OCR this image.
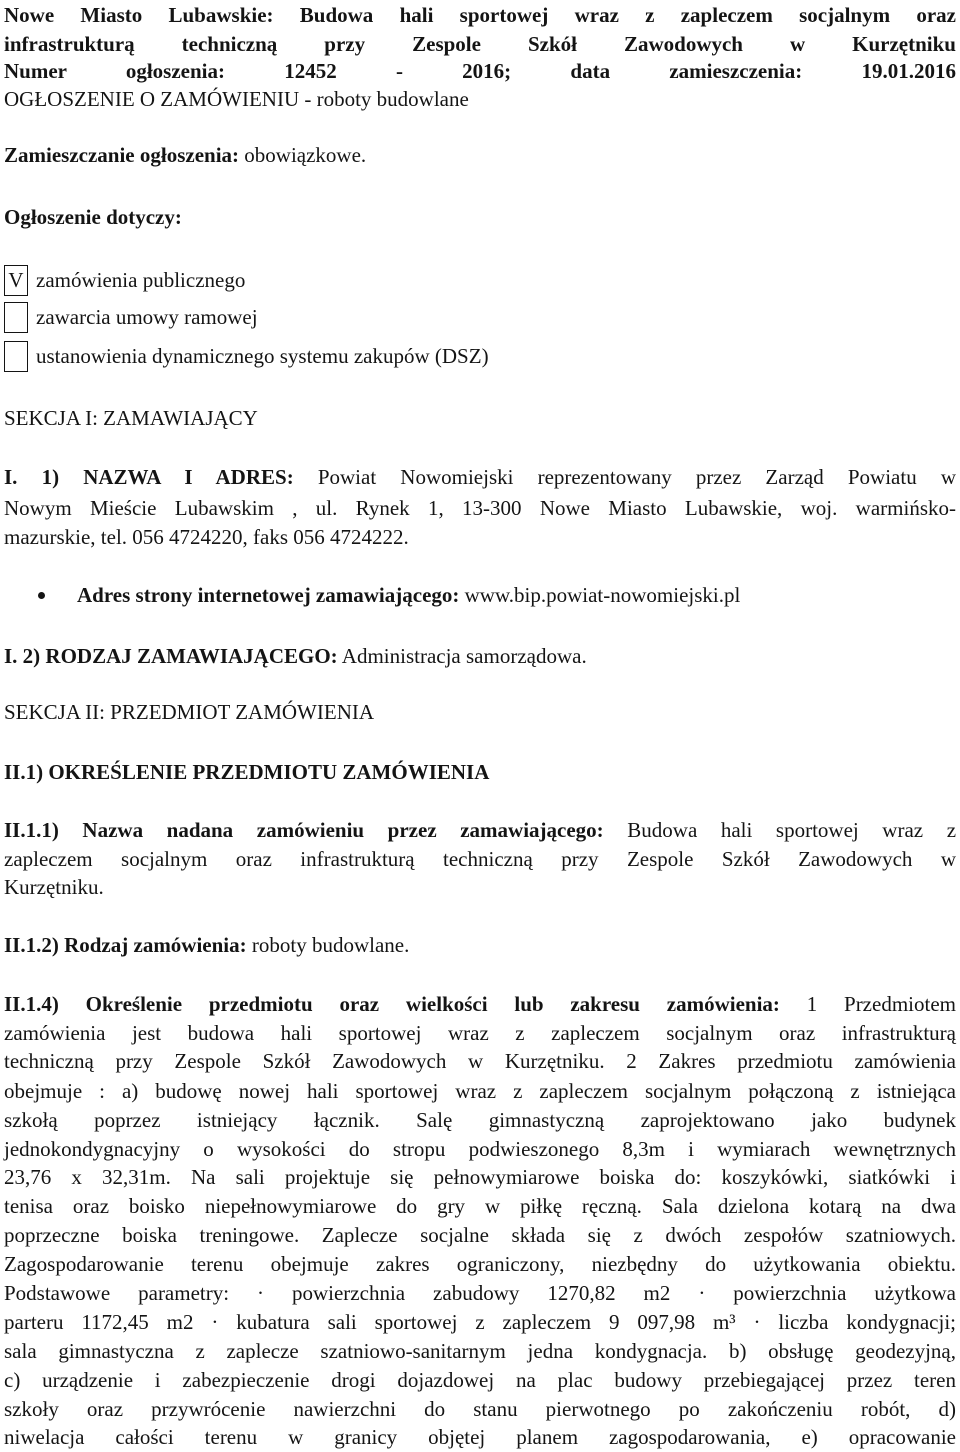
Nowe Miasto Lubawskie: Budowa hali sportowej wraz z zapleczem socjalnym oraz

infrastrukturą techniczną przy Zespole Szkół Zawodowych w Kurzętniku

Numer ogłoszenia: 12452 - 2016; data zamieszczenia: 19.01.2016

OGŁOSZENIE O ZAMÓWIENIU - roboty budowlane

Zamieszczanie ogłoszenia: obowiązkowe.

Ogłoszenie dotyczy:

V zamówienia publicznego
zawarcia umowy ramowej
ustanowienia dynamicznego systemu zakupów (DSZ)

SEKCJA I: ZAMAWIAJĄCY

I. 1) NAZWA I ADRES: Powiat Nowomiejski reprezentowany przez Zarząd Powiatu w

Nowym Mieście Lubawskim , ul. Rynek 1, 13-300 Nowe Miasto Lubawskie, woj. warmińsko-

mazurskie, tel. 056 4724220, faks 056 4724222.

Adres strony internetowej zamawiającego: www.bip.powiat-nowomiejski.pl

I. 2) RODZAJ ZAMAWIAJĄCEGO: Administracja samorządowa.

SEKCJA II: PRZEDMIOT ZAMÓWIENIA

II.1) OKREŚLENIE PRZEDMIOTU ZAMÓWIENIA

II.1.1) Nazwa nadana zamówieniu przez zamawiającego: Budowa hali sportowej wraz z

zapleczem socjalnym oraz infrastrukturą techniczną przy Zespole Szkół Zawodowych w

Kurzętniku.

II.1.2) Rodzaj zamówienia: roboty budowlane.

II.1.4) Określenie przedmiotu oraz wielkości lub zakresu zamówienia: 1 Przedmiotem

zamówienia jest budowa hali sportowej wraz z zapleczem socjalnym oraz infrastrukturą

techniczną przy Zespole Szkół Zawodowych w Kurzętniku. 2 Zakres przedmiotu zamówienia

obejmuje : a) budowę nowej hali sportowej wraz z zapleczem socjalnym połączoną z istniejąca

szkołą poprzez istniejący łącznik. Salę gimnastyczną zaprojektowano jako budynek

jednokondygnacyjny o wysokości do stropu podwieszonego 8,3m i wymiarach wewnętrznych

23,76 x 32,31m. Na sali projektuje się pełnowymiarowe boiska do: koszykówki, siatkówki i

tenisa oraz boisko niepełnowymiarowe do gry w piłkę ręczną. Sala dzielona kotarą na dwa

poprzeczne boiska treningowe. Zaplecze socjalne składa się z dwóch zespołów szatniowych.

Zagospodarowanie terenu obejmuje zakres ograniczony, niezbędny do użytkowania obiektu.

Podstawowe parametry: · powierzchnia zabudowy 1270,82 m2 · powierzchnia użytkowa

parteru 1172,45 m2 · kubatura sali sportowej z zapleczem 9 097,98 m³ · liczba kondygnacji;

sala gimnastyczna z zaplecze szatniowo-sanitarnym jedna kondygnacja. b) obsługę geodezyjną,

c) urządzenie i zabezpieczenie drogi dojazdowej na plac budowy przebiegającej przez teren

szkoły oraz przywrócenie nawierzchni do stanu pierwotnego po zakończeniu robót, d)

niwelacja całości terenu w granicy objętej planem zagospodarowania, e) opracowanie
